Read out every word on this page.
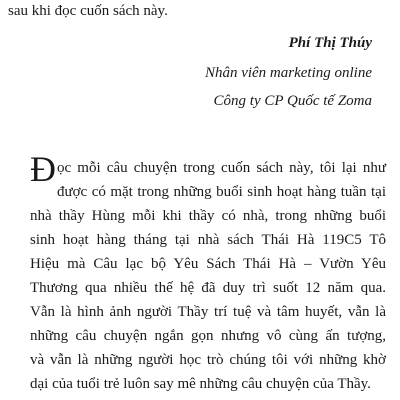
sau khi đọc cuốn sách này.
Phí Thị Thúy
Nhân viên marketing online
Công ty CP Quốc tế Zoma
Đọc mỗi câu chuyện trong cuốn sách này, tôi lại như
được có mặt trong những buổi sinh hoạt hàng tuần tại
nhà thầy Hùng mỗi khi thầy có nhà, trong những buổi
sinh hoạt hàng tháng tại nhà sách Thái Hà 119C5 Tô
Hiệu mà Câu lạc bộ Yêu Sách Thái Hà – Vườn Yêu
Thương qua nhiều thế hệ đã duy trì suốt 12 năm qua.
Vẫn là hình ảnh người Thầy trí tuệ và tâm huyết, vẫn là
những câu chuyện ngắn gọn nhưng vô cùng ấn tượng,
và vẫn là những người học trò chúng tôi với những khờ
dại của tuổi trẻ luôn say mê những câu chuyện của Thầy.
